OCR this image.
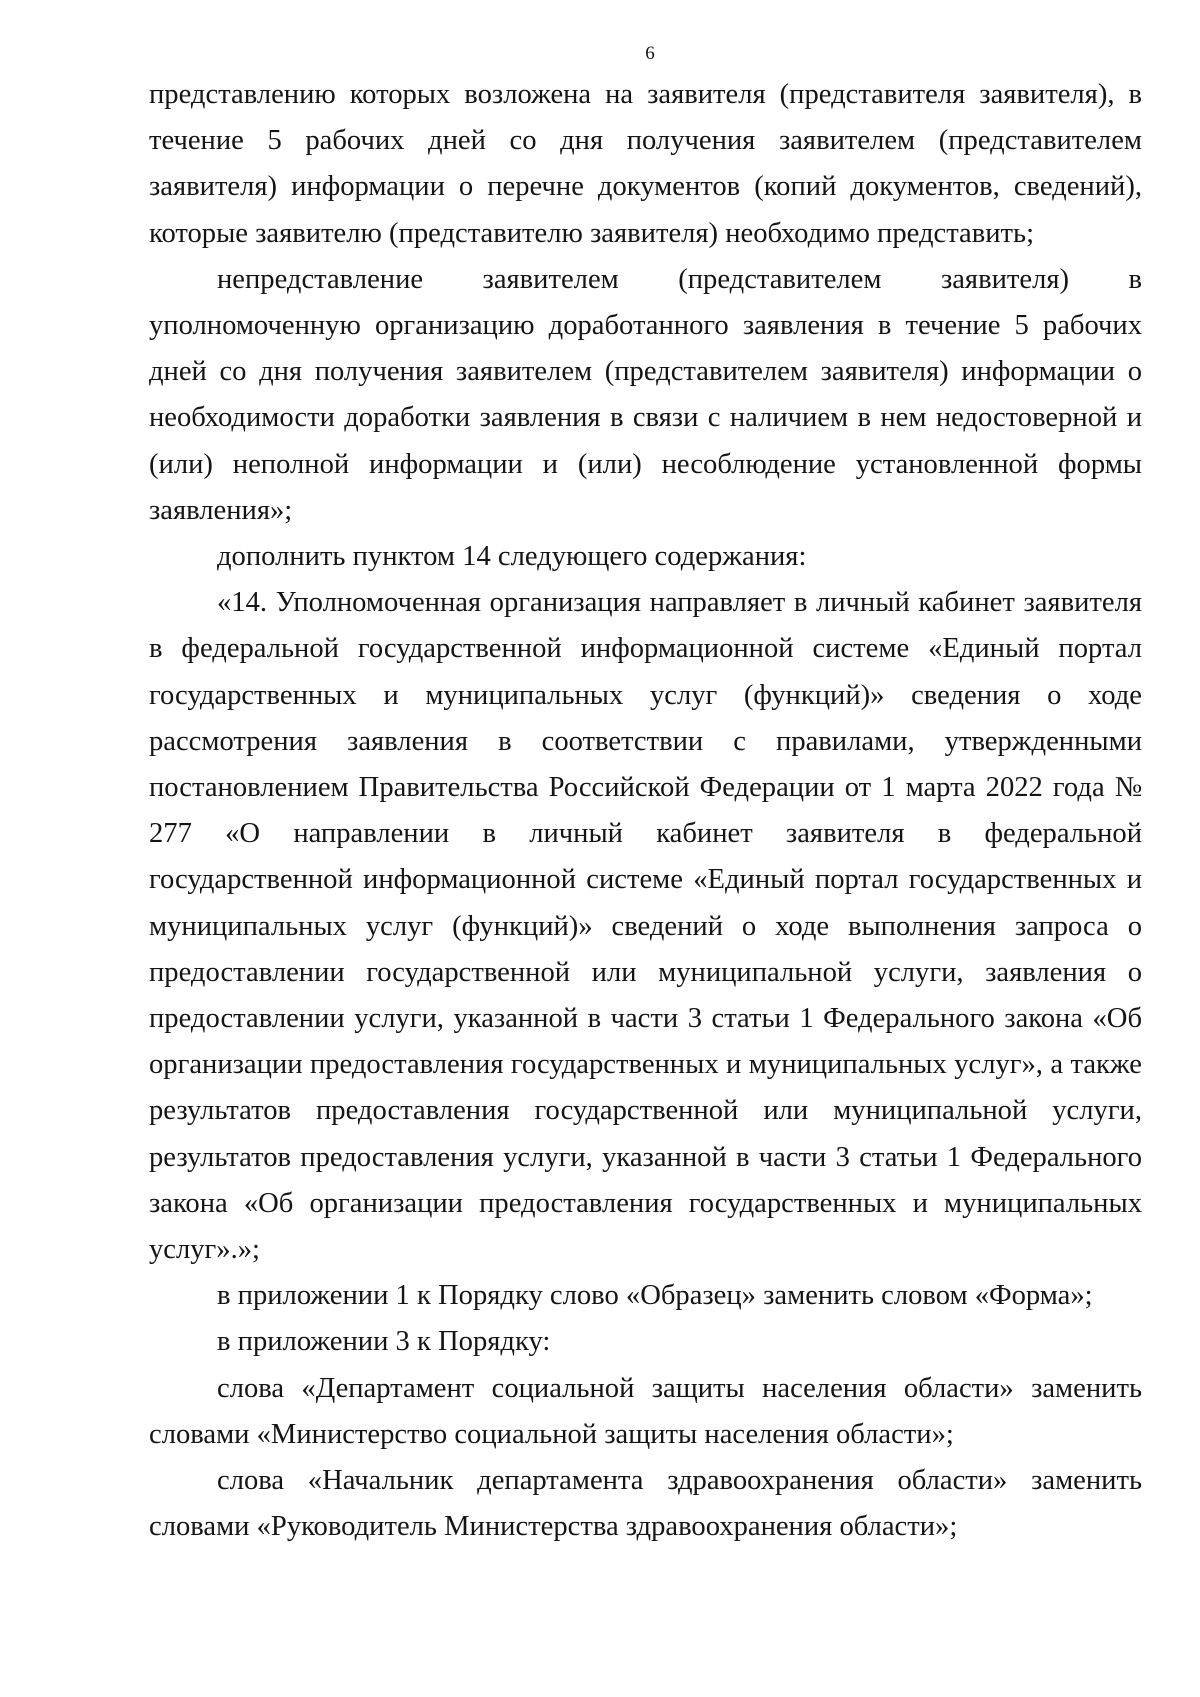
6

представлению которых возложена на заявителя (представителя заявителя), в течение 5 рабочих дней со дня получения заявителем (представителем заявителя) информации о перечне документов (копий документов, сведений), которые заявителю (представителю заявителя) необходимо представить;

непредставление заявителем (представителем заявителя) в уполномоченную организацию доработанного заявления в течение 5 рабочих дней со дня получения заявителем (представителем заявителя) информации о необходимости доработки заявления в связи с наличием в нем недостоверной и (или) неполной информации и (или) несоблюдение установленной формы заявления»;

дополнить пунктом 14 следующего содержания:

«14. Уполномоченная организация направляет в личный кабинет заявителя в федеральной государственной информационной системе «Единый портал государственных и муниципальных услуг (функций)» сведения о ходе рассмотрения заявления в соответствии с правилами, утвержденными постановлением Правительства Российской Федерации от 1 марта 2022 года № 277 «О направлении в личный кабинет заявителя в федеральной государственной информационной системе «Единый портал государственных и муниципальных услуг (функций)» сведений о ходе выполнения запроса о предоставлении государственной или муниципальной услуги, заявления о предоставлении услуги, указанной в части 3 статьи 1 Федерального закона «Об организации предоставления государственных и муниципальных услуг», а также результатов предоставления государственной или муниципальной услуги, результатов предоставления услуги, указанной в части 3 статьи 1 Федерального закона «Об организации предоставления государственных и муниципальных услуг».»;

в приложении 1 к Порядку слово «Образец» заменить словом «Форма»;

в приложении 3 к Порядку:

слова «Департамент социальной защиты населения области» заменить словами «Министерство социальной защиты населения области»;

слова «Начальник департамента здравоохранения области» заменить словами «Руководитель Министерства здравоохранения области»;
